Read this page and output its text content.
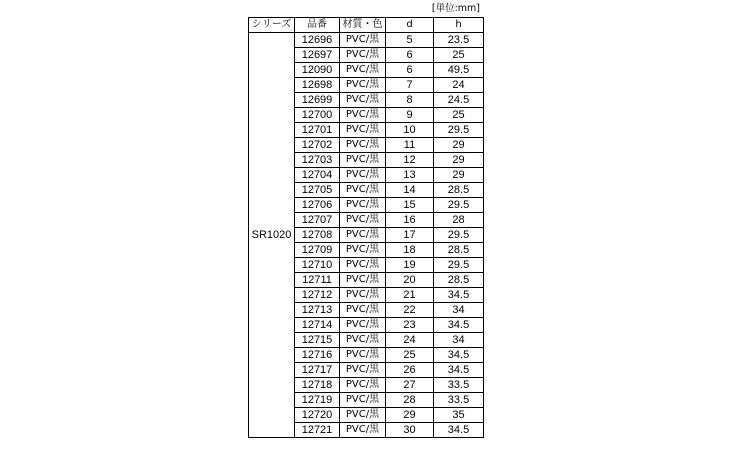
[単位:mm]
シリーズ	品番	材質・色	d	h
SR1020	12696	PVC/黒	5	23.5
	12697	PVC/黒	6	25
	12090	PVC/黒	6	49.5
	12698	PVC/黒	7	24
	12699	PVC/黒	8	24.5
	12700	PVC/黒	9	25
	12701	PVC/黒	10	29.5
	12702	PVC/黒	11	29
	12703	PVC/黒	12	29
	12704	PVC/黒	13	29
	12705	PVC/黒	14	28.5
	12706	PVC/黒	15	29.5
	12707	PVC/黒	16	28
	12708	PVC/黒	17	29.5
	12709	PVC/黒	18	28.5
	12710	PVC/黒	19	29.5
	12711	PVC/黒	20	28.5
	12712	PVC/黒	21	34.5
	12713	PVC/黒	22	34
	12714	PVC/黒	23	34.5
	12715	PVC/黒	24	34
	12716	PVC/黒	25	34.5
	12717	PVC/黒	26	34.5
	12718	PVC/黒	27	33.5
	12719	PVC/黒	28	33.5
	12720	PVC/黒	29	35
	12721	PVC/黒	30	34.5
